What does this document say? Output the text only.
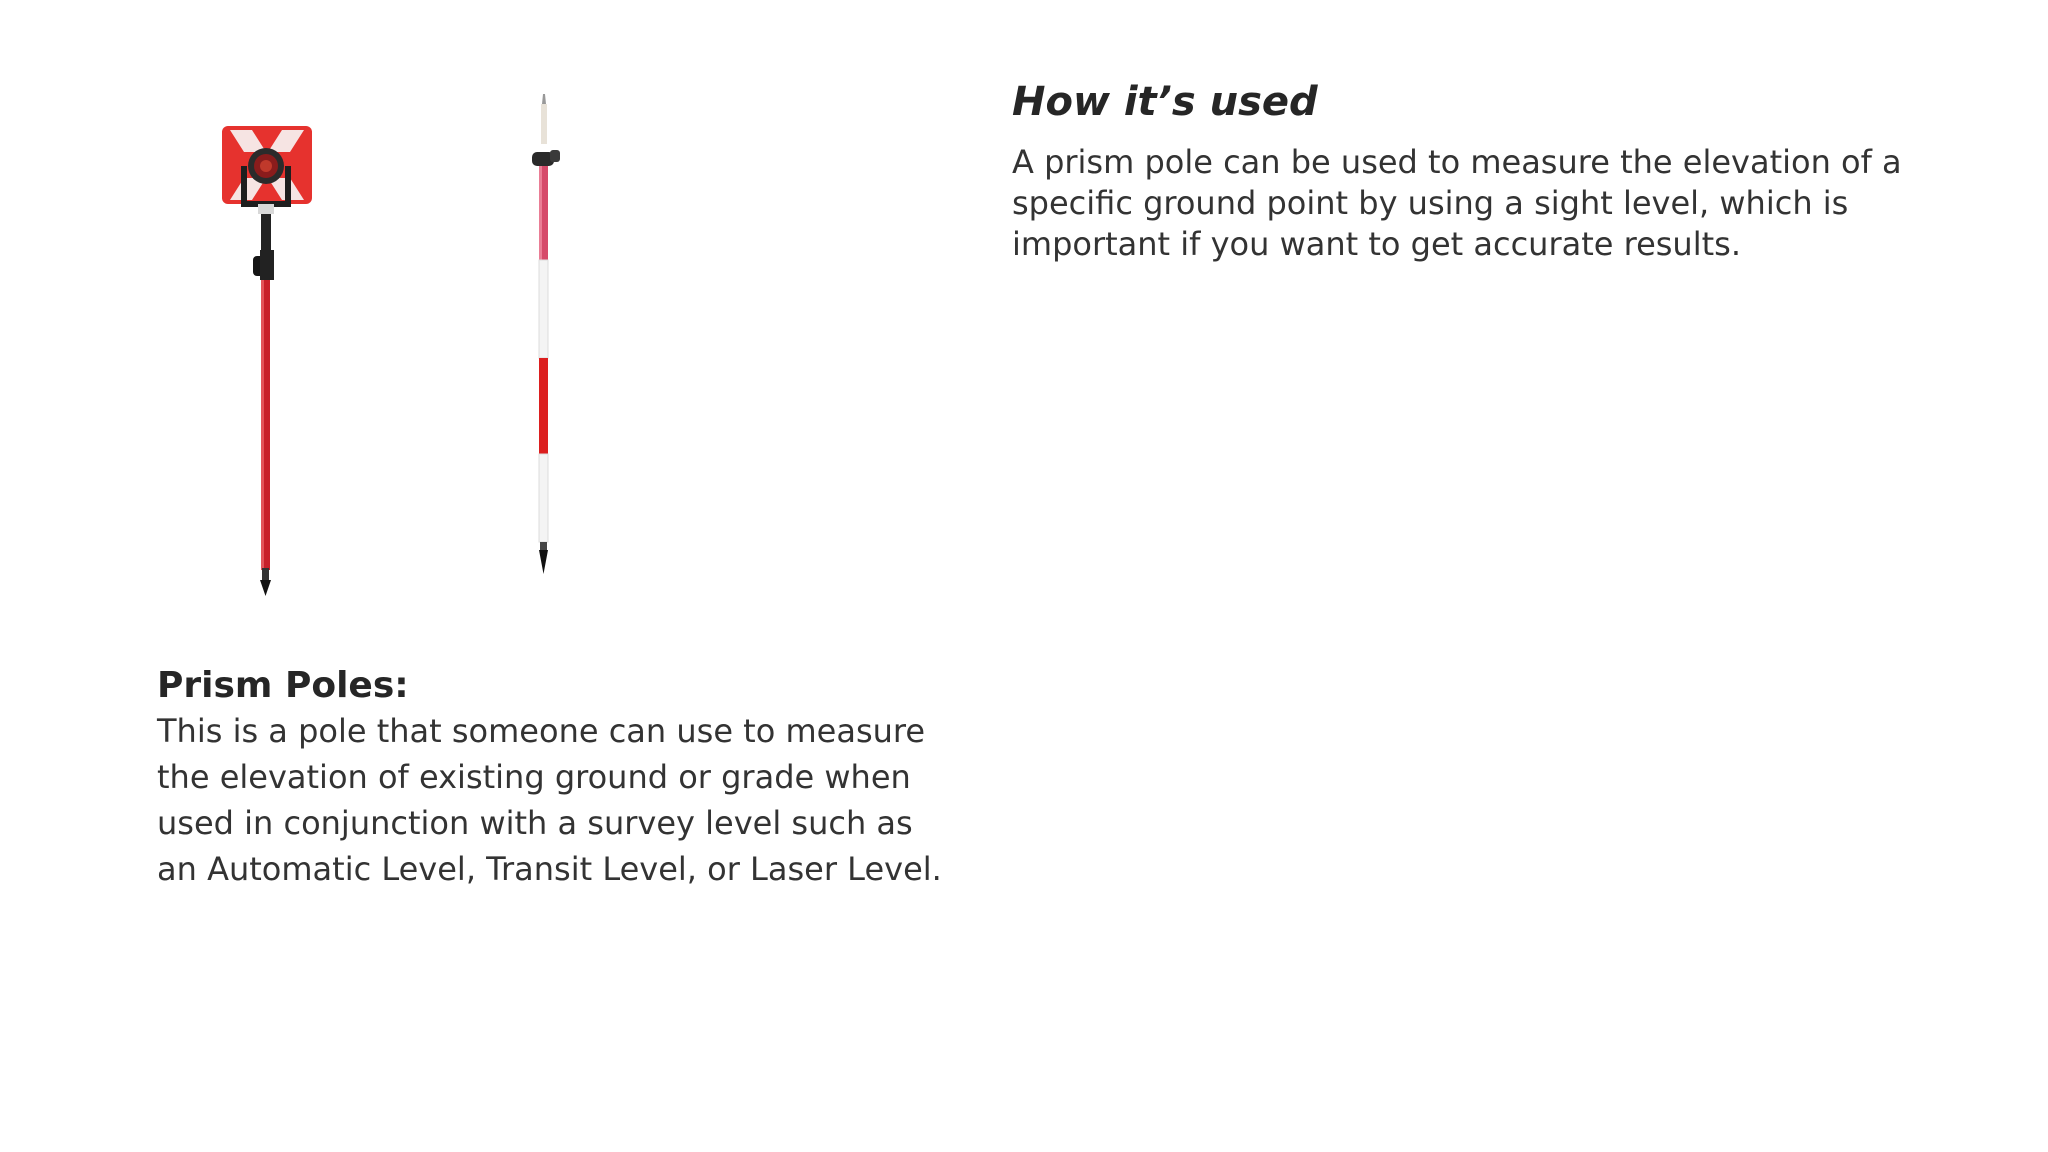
How it’s used

A prism pole can be used to measure the elevation of a

specific ground point by using a sight level, which is

important if you want to get accurate results.

Prism Poles:

This is a pole that someone can use to measure

the elevation of existing ground or grade when

used in conjunction with a survey level such as

an Automatic Level, Transit Level, or Laser Level.
